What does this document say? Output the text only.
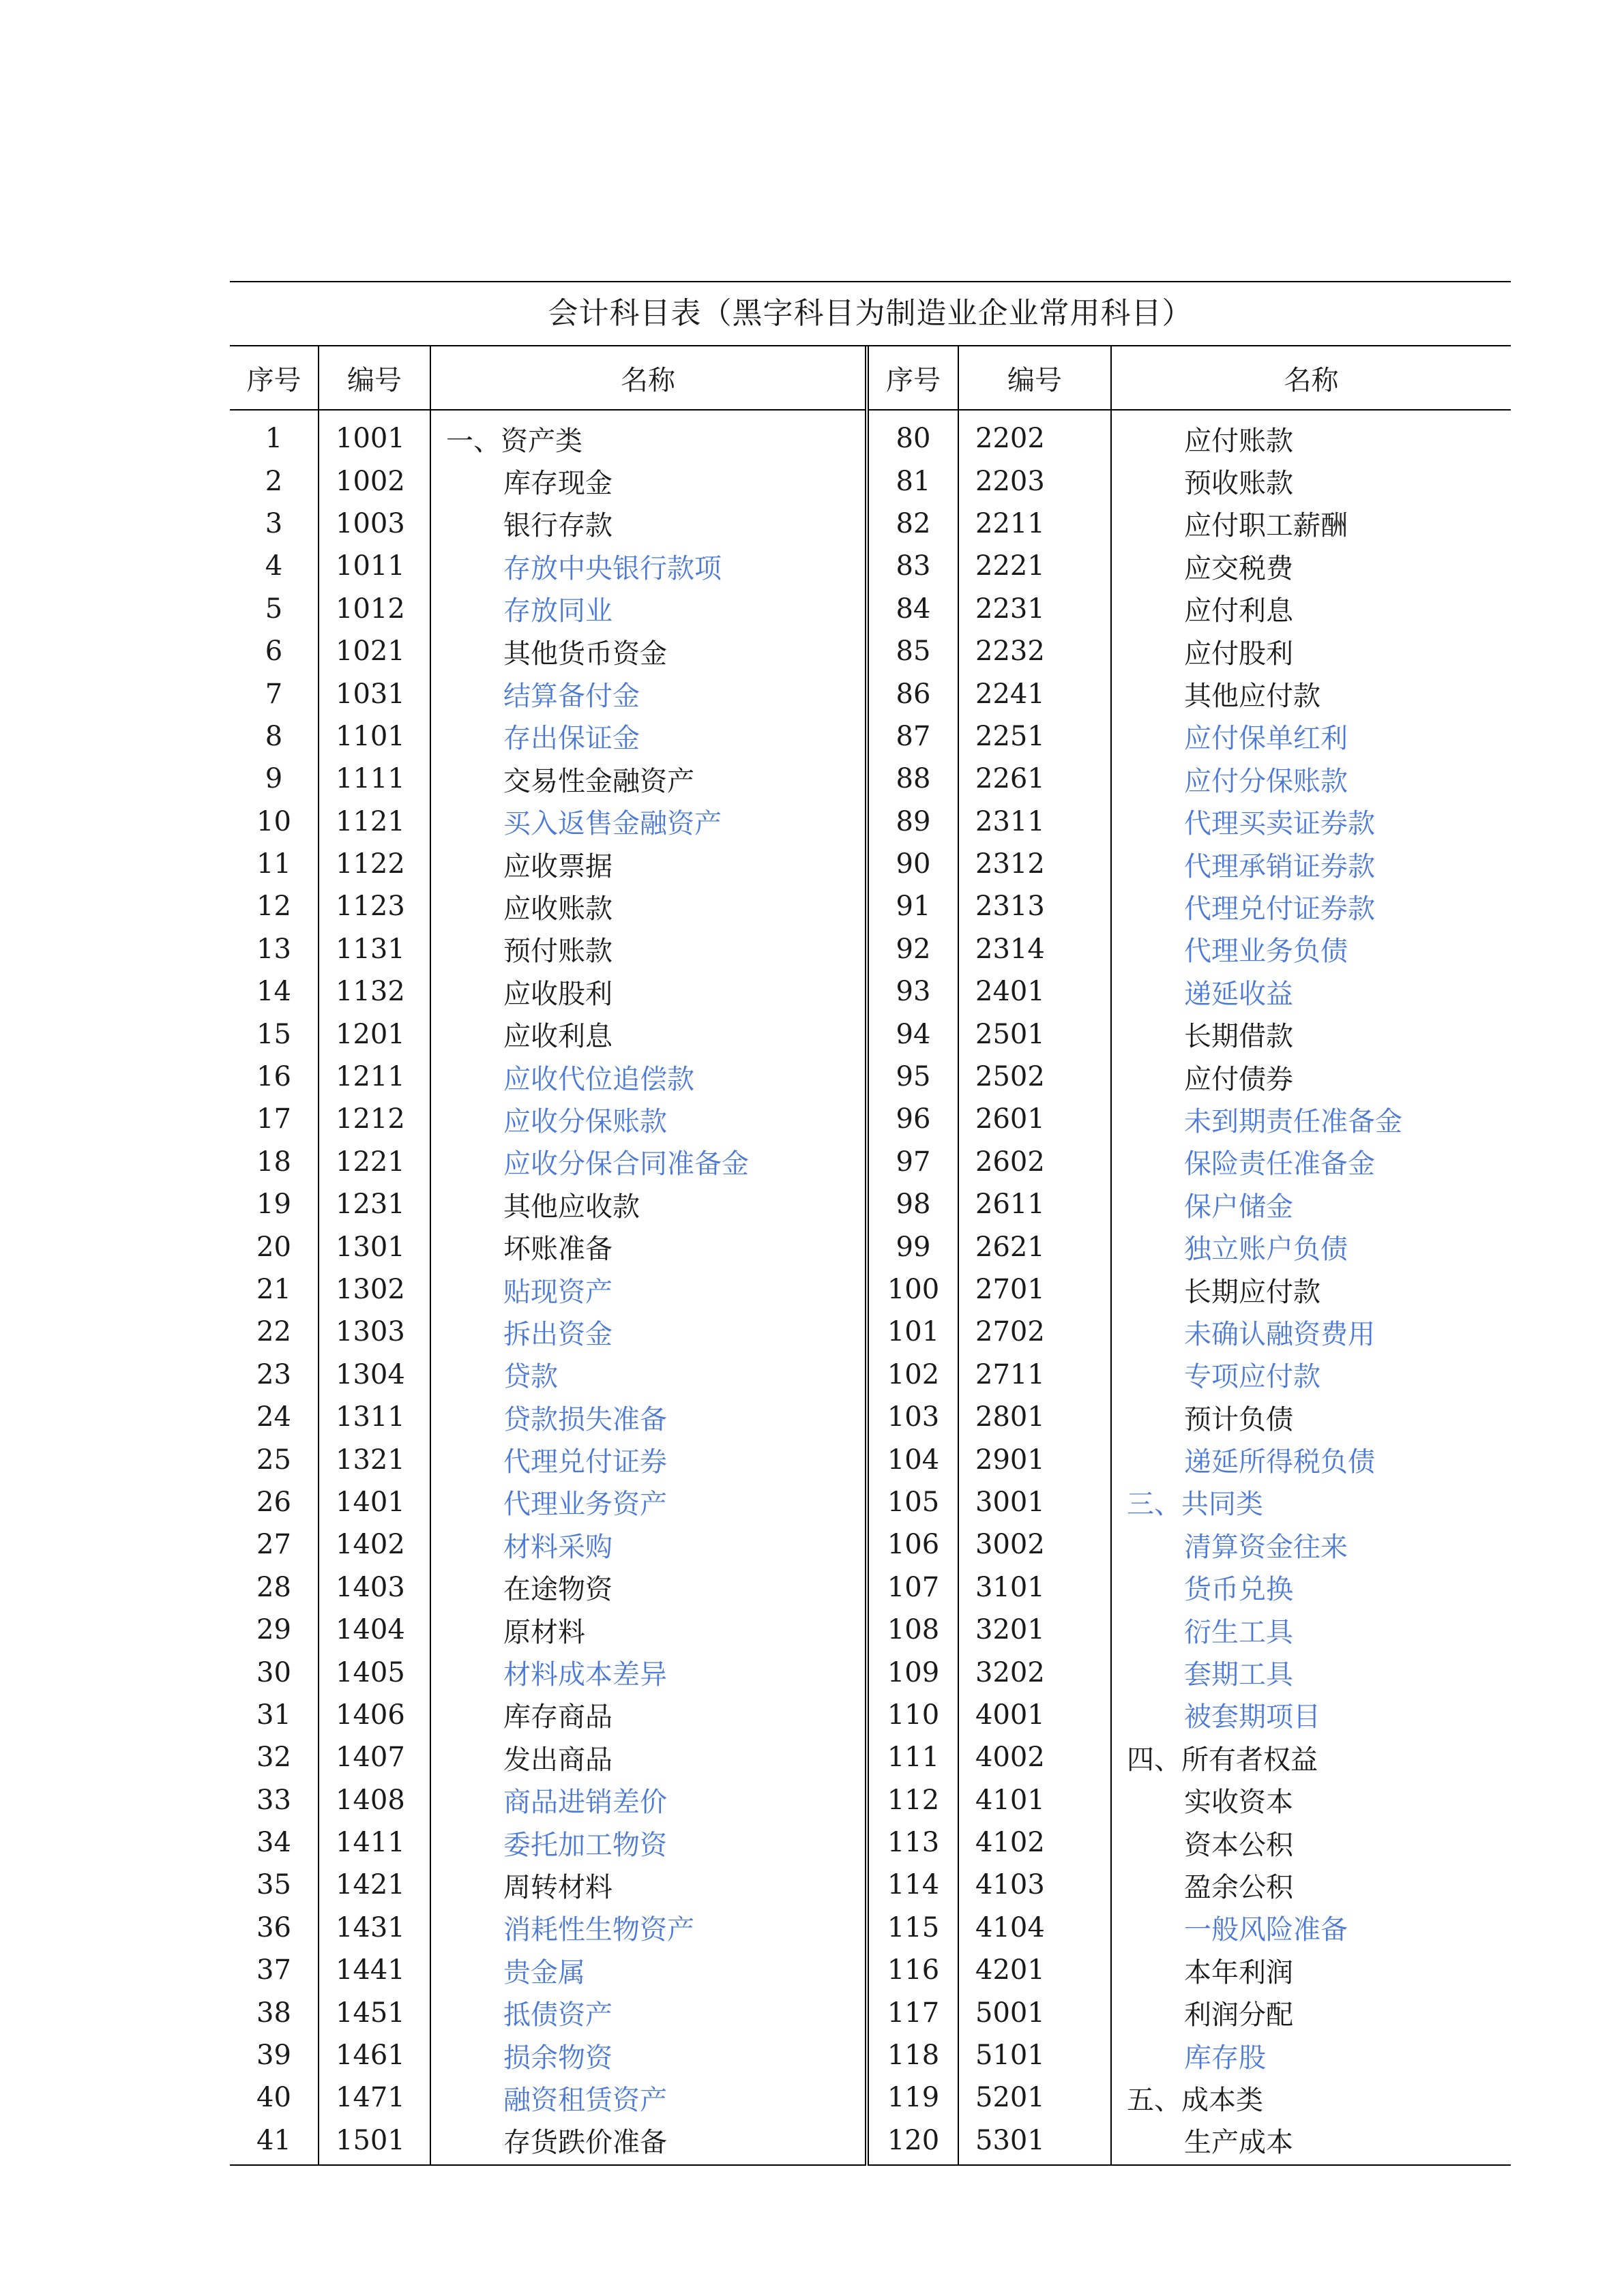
会计科目表（黑字科目为制造业企业常用科目）
序号	编号	名称	序号	编号	名称
1	1001	一、资产类	80	2202	应付账款
2	1002	库存现金	81	2203	预收账款
3	1003	银行存款	82	2211	应付职工薪酬
4	1011	存放中央银行款项	83	2221	应交税费
5	1012	存放同业	84	2231	应付利息
6	1021	其他货币资金	85	2232	应付股利
7	1031	结算备付金	86	2241	其他应付款
8	1101	存出保证金	87	2251	应付保单红利
9	1111	交易性金融资产	88	2261	应付分保账款
10	1121	买入返售金融资产	89	2311	代理买卖证券款
11	1122	应收票据	90	2312	代理承销证券款
12	1123	应收账款	91	2313	代理兑付证券款
13	1131	预付账款	92	2314	代理业务负债
14	1132	应收股利	93	2401	递延收益
15	1201	应收利息	94	2501	长期借款
16	1211	应收代位追偿款	95	2502	应付债券
17	1212	应收分保账款	96	2601	未到期责任准备金
18	1221	应收分保合同准备金	97	2602	保险责任准备金
19	1231	其他应收款	98	2611	保户储金
20	1301	坏账准备	99	2621	独立账户负债
21	1302	贴现资产	100	2701	长期应付款
22	1303	拆出资金	101	2702	未确认融资费用
23	1304	贷款	102	2711	专项应付款
24	1311	贷款损失准备	103	2801	预计负债
25	1321	代理兑付证券	104	2901	递延所得税负债
26	1401	代理业务资产	105	3001	三、共同类
27	1402	材料采购	106	3002	清算资金往来
28	1403	在途物资	107	3101	货币兑换
29	1404	原材料	108	3201	衍生工具
30	1405	材料成本差异	109	3202	套期工具
31	1406	库存商品	110	4001	被套期项目
32	1407	发出商品	111	4002	四、所有者权益
33	1408	商品进销差价	112	4101	实收资本
34	1411	委托加工物资	113	4102	资本公积
35	1421	周转材料	114	4103	盈余公积
36	1431	消耗性生物资产	115	4104	一般风险准备
37	1441	贵金属	116	4201	本年利润
38	1451	抵债资产	117	5001	利润分配
39	1461	损余物资	118	5101	库存股
40	1471	融资租赁资产	119	5201	五、成本类
41	1501	存货跌价准备	120	5301	生产成本
